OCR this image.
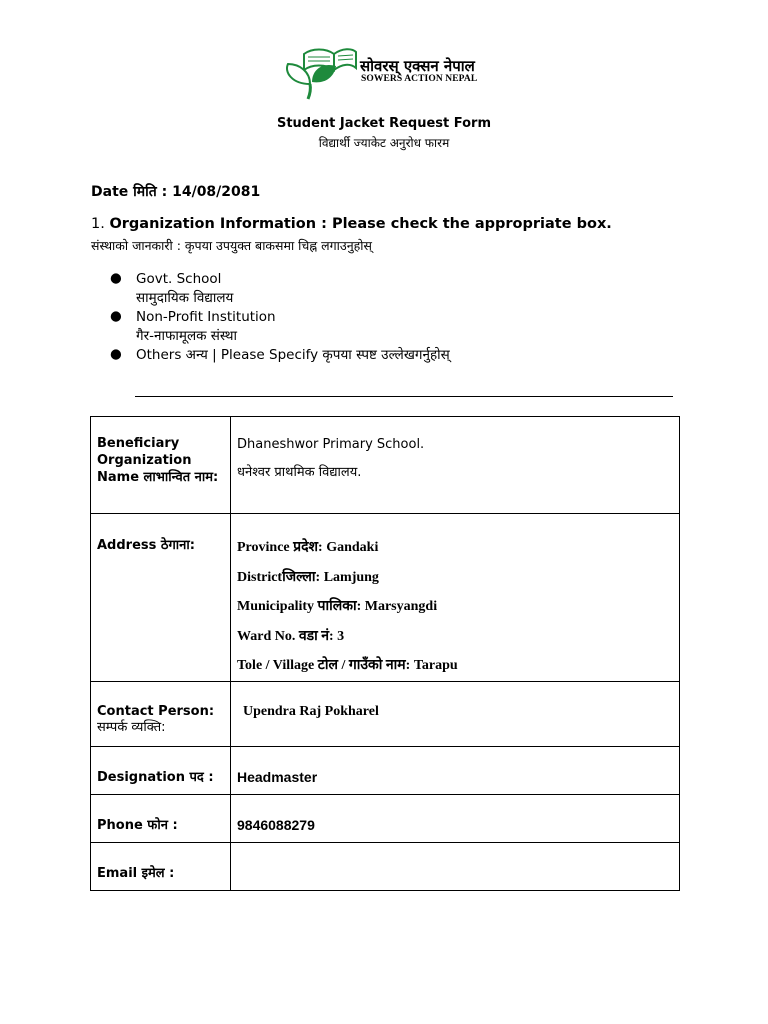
सोवरस् एक्सन नेपाल
SOWERS ACTION NEPAL
Student Jacket Request Form
विद्यार्थी ज्याकेट अनुरोध फारम
Date मिति : 14/08/2081
1. Organization Information : Please check the appropriate box.
संस्थाको जानकारी : कृपया उपयुक्त बाकसमा चिह्न लगाउनुहोस्
● Govt. School
सामुदायिक विद्यालय
● Non-Profit Institution
गैर-नाफामूलक संस्था
● Others अन्य | Please Specify कृपया स्पष्ट उल्लेखगर्नुहोस्
Beneficiary Organization Name लाभान्वित नाम:	Dhaneshwor Primary School.
धनेश्वर प्राथमिक विद्यालय.

Address ठेगाना:	Province प्रदेश: Gandaki
Districtजिल्ला: Lamjung
Municipality पालिका: Marsyangdi
Ward No. वडा नं: 3
Tole / Village टोल / गाउँको नाम: Tarapu

Contact Person:
सम्पर्क व्यक्ति:	Upendra Raj Pokharel

Designation पद :	Headmaster

Phone फोन :	9846088279

Email इमेल :	
